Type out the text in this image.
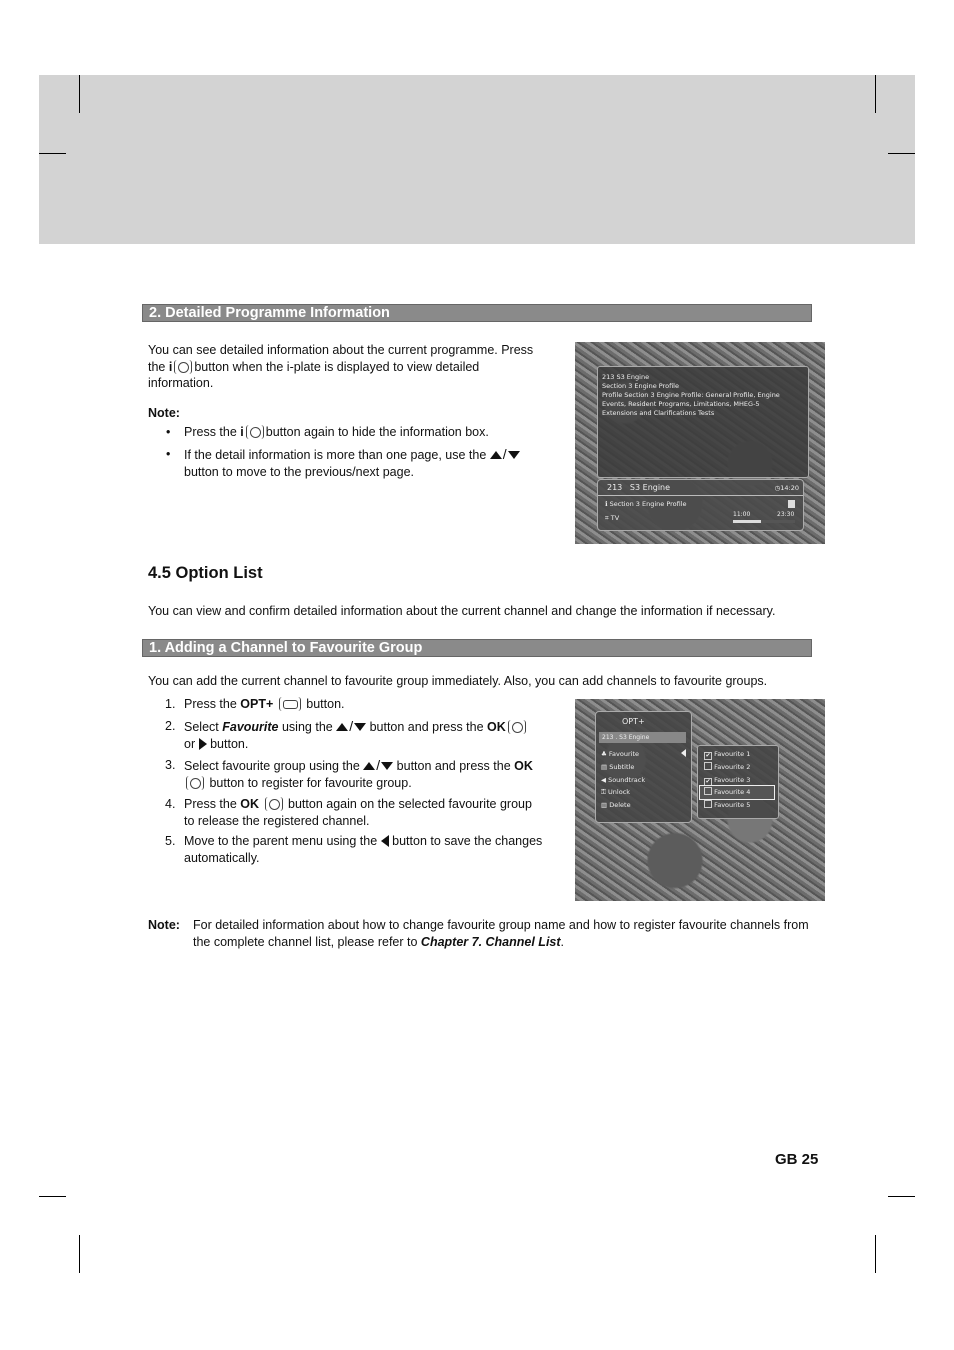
2. Detailed Programme Information
You can see detailed information about the current programme. Press
the i button when the i-plate is displayed to view detailed
information.
Note:
• Press the i button again to hide the information box.
• If the detail information is more than one page, use the /
button to move to the previous/next page.
213 S3 Engine
Section 3 Engine Profile
Profile Section 3 Engine Profile: General Profile, Engine
Events, Resident Programs, Limitations, MHEG-5
Extensions and Clarifications Tests
213 S3 Engine	◷14:20
ℹ Section 3 Engine Profile
⌗ TV	11:00	23:30
4.5 Option List
You can view and confirm detailed information about the current channel and change the information if necessary.
1. Adding a Channel to Favourite Group
You can add the current channel to favourite group immediately. Also, you can add channels to favourite groups.
1. Press the OPT+	button.
2. Select Favourite using the / button and press the OK
or button.
3. Select favourite group using the / button and press the OK
button to register for favourite group.
4. Press the OK button again on the selected favourite group
to release the registered channel.
5. Move to the parent menu using the button to save the changes
automatically.
OPT+
213 . S3 Engine
♣ Favourite
▤ Subtitle
◀ Soundtrack
⚿ Unlock
▥ Delete
✔ Favourite 1
Favourite 2
✔ Favourite 3
Favourite 4
Favourite 5
Note: For detailed information about how to change favourite group name and how to register favourite channels from
the complete channel list, please refer to Chapter 7. Channel List.
GB 25
